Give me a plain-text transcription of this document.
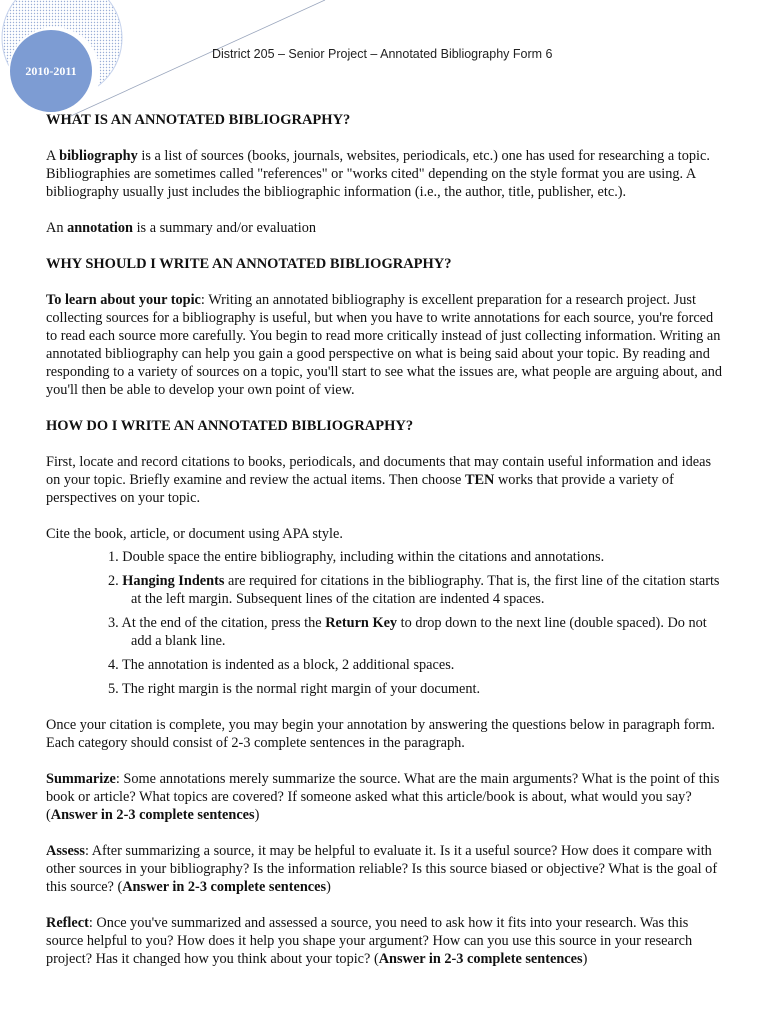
2010-2011
District 205 – Senior Project – Annotated Bibliography Form 6
WHAT IS AN ANNOTATED BIBLIOGRAPHY?

A bibliography is a list of sources (books, journals, websites, periodicals, etc.) one has used for researching a topic. Bibliographies are sometimes called "references" or "works cited" depending on the style format you are using. A bibliography usually just includes the bibliographic information (i.e., the author, title, publisher, etc.).

An annotation is a summary and/or evaluation

WHY SHOULD I WRITE AN ANNOTATED BIBLIOGRAPHY?

To learn about your topic: Writing an annotated bibliography is excellent preparation for a research project. Just collecting sources for a bibliography is useful, but when you have to write annotations for each source, you're forced to read each source more carefully. You begin to read more critically instead of just collecting information. Writing an annotated bibliography can help you gain a good perspective on what is being said about your topic. By reading and responding to a variety of sources on a topic, you'll start to see what the issues are, what people are arguing about, and you'll then be able to develop your own point of view.

HOW DO I WRITE AN ANNOTATED BIBLIOGRAPHY?

First, locate and record citations to books, periodicals, and documents that may contain useful information and ideas on your topic. Briefly examine and review the actual items. Then choose TEN works that provide a variety of perspectives on your topic.

Cite the book, article, or document using APA style.

1. Double space the entire bibliography, including within the citations and annotations.
2. Hanging Indents are required for citations in the bibliography. That is, the first line of the citation starts at the left margin. Subsequent lines of the citation are indented 4 spaces.
3. At the end of the citation, press the Return Key to drop down to the next line (double spaced). Do not add a blank line.
4. The annotation is indented as a block, 2 additional spaces.
5. The right margin is the normal right margin of your document.

Once your citation is complete, you may begin your annotation by answering the questions below in paragraph form. Each category should consist of 2-3 complete sentences in the paragraph.

Summarize: Some annotations merely summarize the source. What are the main arguments? What is the point of this book or article? What topics are covered? If someone asked what this article/book is about, what would you say? (Answer in 2-3 complete sentences)

Assess: After summarizing a source, it may be helpful to evaluate it. Is it a useful source? How does it compare with other sources in your bibliography? Is the information reliable? Is this source biased or objective? What is the goal of this source? (Answer in 2-3 complete sentences)

Reflect: Once you've summarized and assessed a source, you need to ask how it fits into your research. Was this source helpful to you? How does it help you shape your argument? How can you use this source in your research project? Has it changed how you think about your topic? (Answer in 2-3 complete sentences)
